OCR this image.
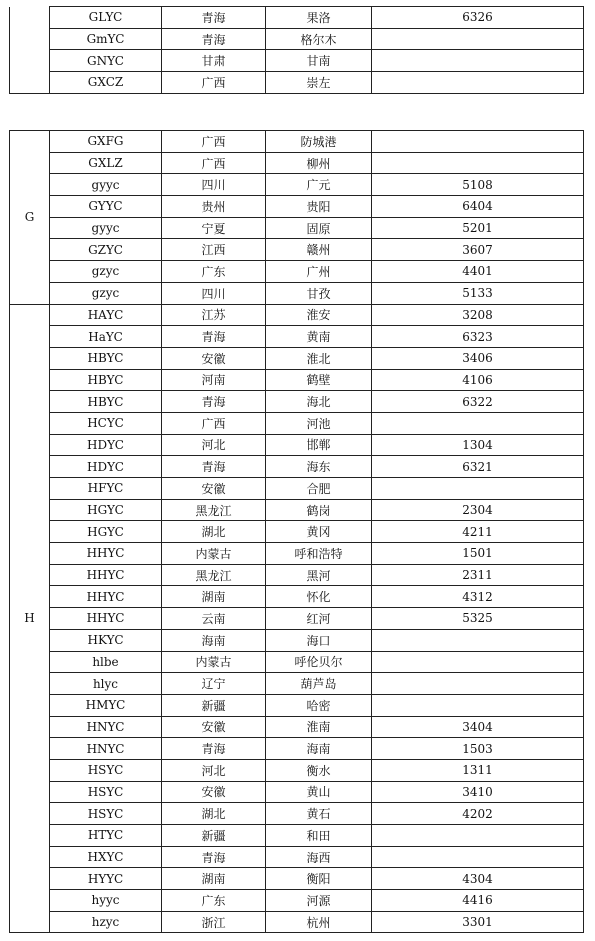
	GLYC	青海	果洛	6326
	GmYC	青海	格尔木	
	GNYC	甘肃	甘南	
	GXCZ	广西	崇左	
G	GXFG	广西	防城港	
	GXLZ	广西	柳州	
	gyyc	四川	广元	5108
	GYYC	贵州	贵阳	6404
	gyyc	宁夏	固原	5201
	GZYC	江西	赣州	3607
	gzyc	广东	广州	4401
	gzyc	四川	甘孜	5133
H	HAYC	江苏	淮安	3208
	HaYC	青海	黄南	6323
	HBYC	安徽	淮北	3406
	HBYC	河南	鹤壁	4106
	HBYC	青海	海北	6322
	HCYC	广西	河池	
	HDYC	河北	邯郸	1304
	HDYC	青海	海东	6321
	HFYC	安徽	合肥	
	HGYC	黑龙江	鹤岗	2304
	HGYC	湖北	黄冈	4211
	HHYC	内蒙古	呼和浩特	1501
	HHYC	黑龙江	黑河	2311
	HHYC	湖南	怀化	4312
	HHYC	云南	红河	5325
	HKYC	海南	海口	
	hlbe	内蒙古	呼伦贝尔	
	hlyc	辽宁	葫芦岛	
	HMYC	新疆	哈密	
	HNYC	安徽	淮南	3404
	HNYC	青海	海南	1503
	HSYC	河北	衡水	1311
	HSYC	安徽	黄山	3410
	HSYC	湖北	黄石	4202
	HTYC	新疆	和田	
	HXYC	青海	海西	
	HYYC	湖南	衡阳	4304
	hyyc	广东	河源	4416
	hzyc	浙江	杭州	3301
